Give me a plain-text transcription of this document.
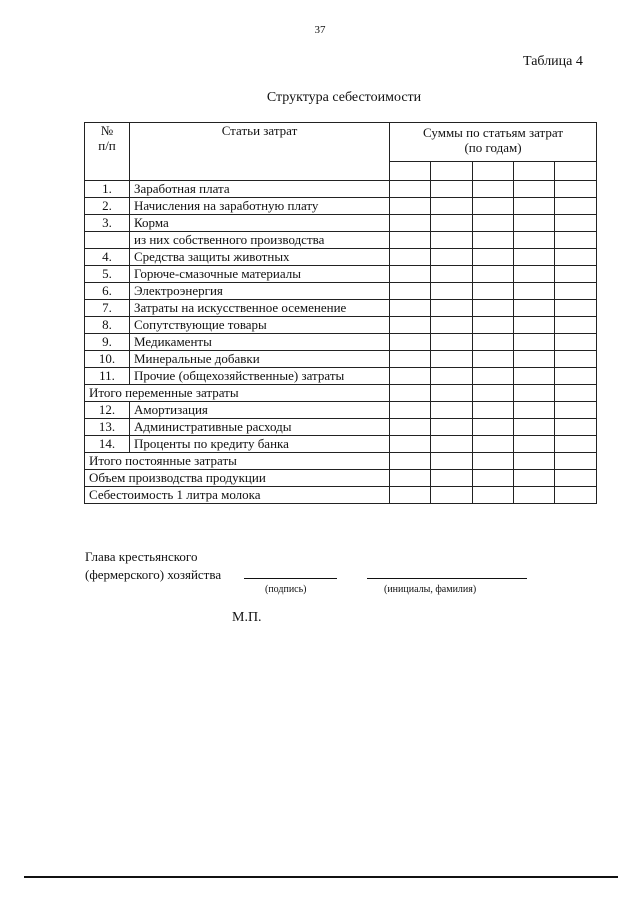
37
Таблица 4
Структура себестоимости
№
п/п	Статьи затрат	Суммы по статьям затрат
(по годам)				

1.	Заработная плата					
2.	Начисления на заработную плату					
3.	Корма					
	из них собственного производства					
4.	Средства защиты животных					
5.	Горюче-смазочные материалы					
6.	Электроэнергия					
7.	Затраты на искусственное осеменение					
8.	Сопутствующие товары					
9.	Медикаменты					
10.	Минеральные добавки					
11.	Прочие (общехозяйственные) затраты					
Итого переменные затраты						
12.	Амортизация					
13.	Административные расходы					
14.	Проценты по кредиту банка					
Итого постоянные затраты						
Объем производства продукции						
Себестоимость 1 литра молока						
Глава крестьянского
(фермерского) хозяйства
(подпись)	(инициалы, фамилия)
М.П.
